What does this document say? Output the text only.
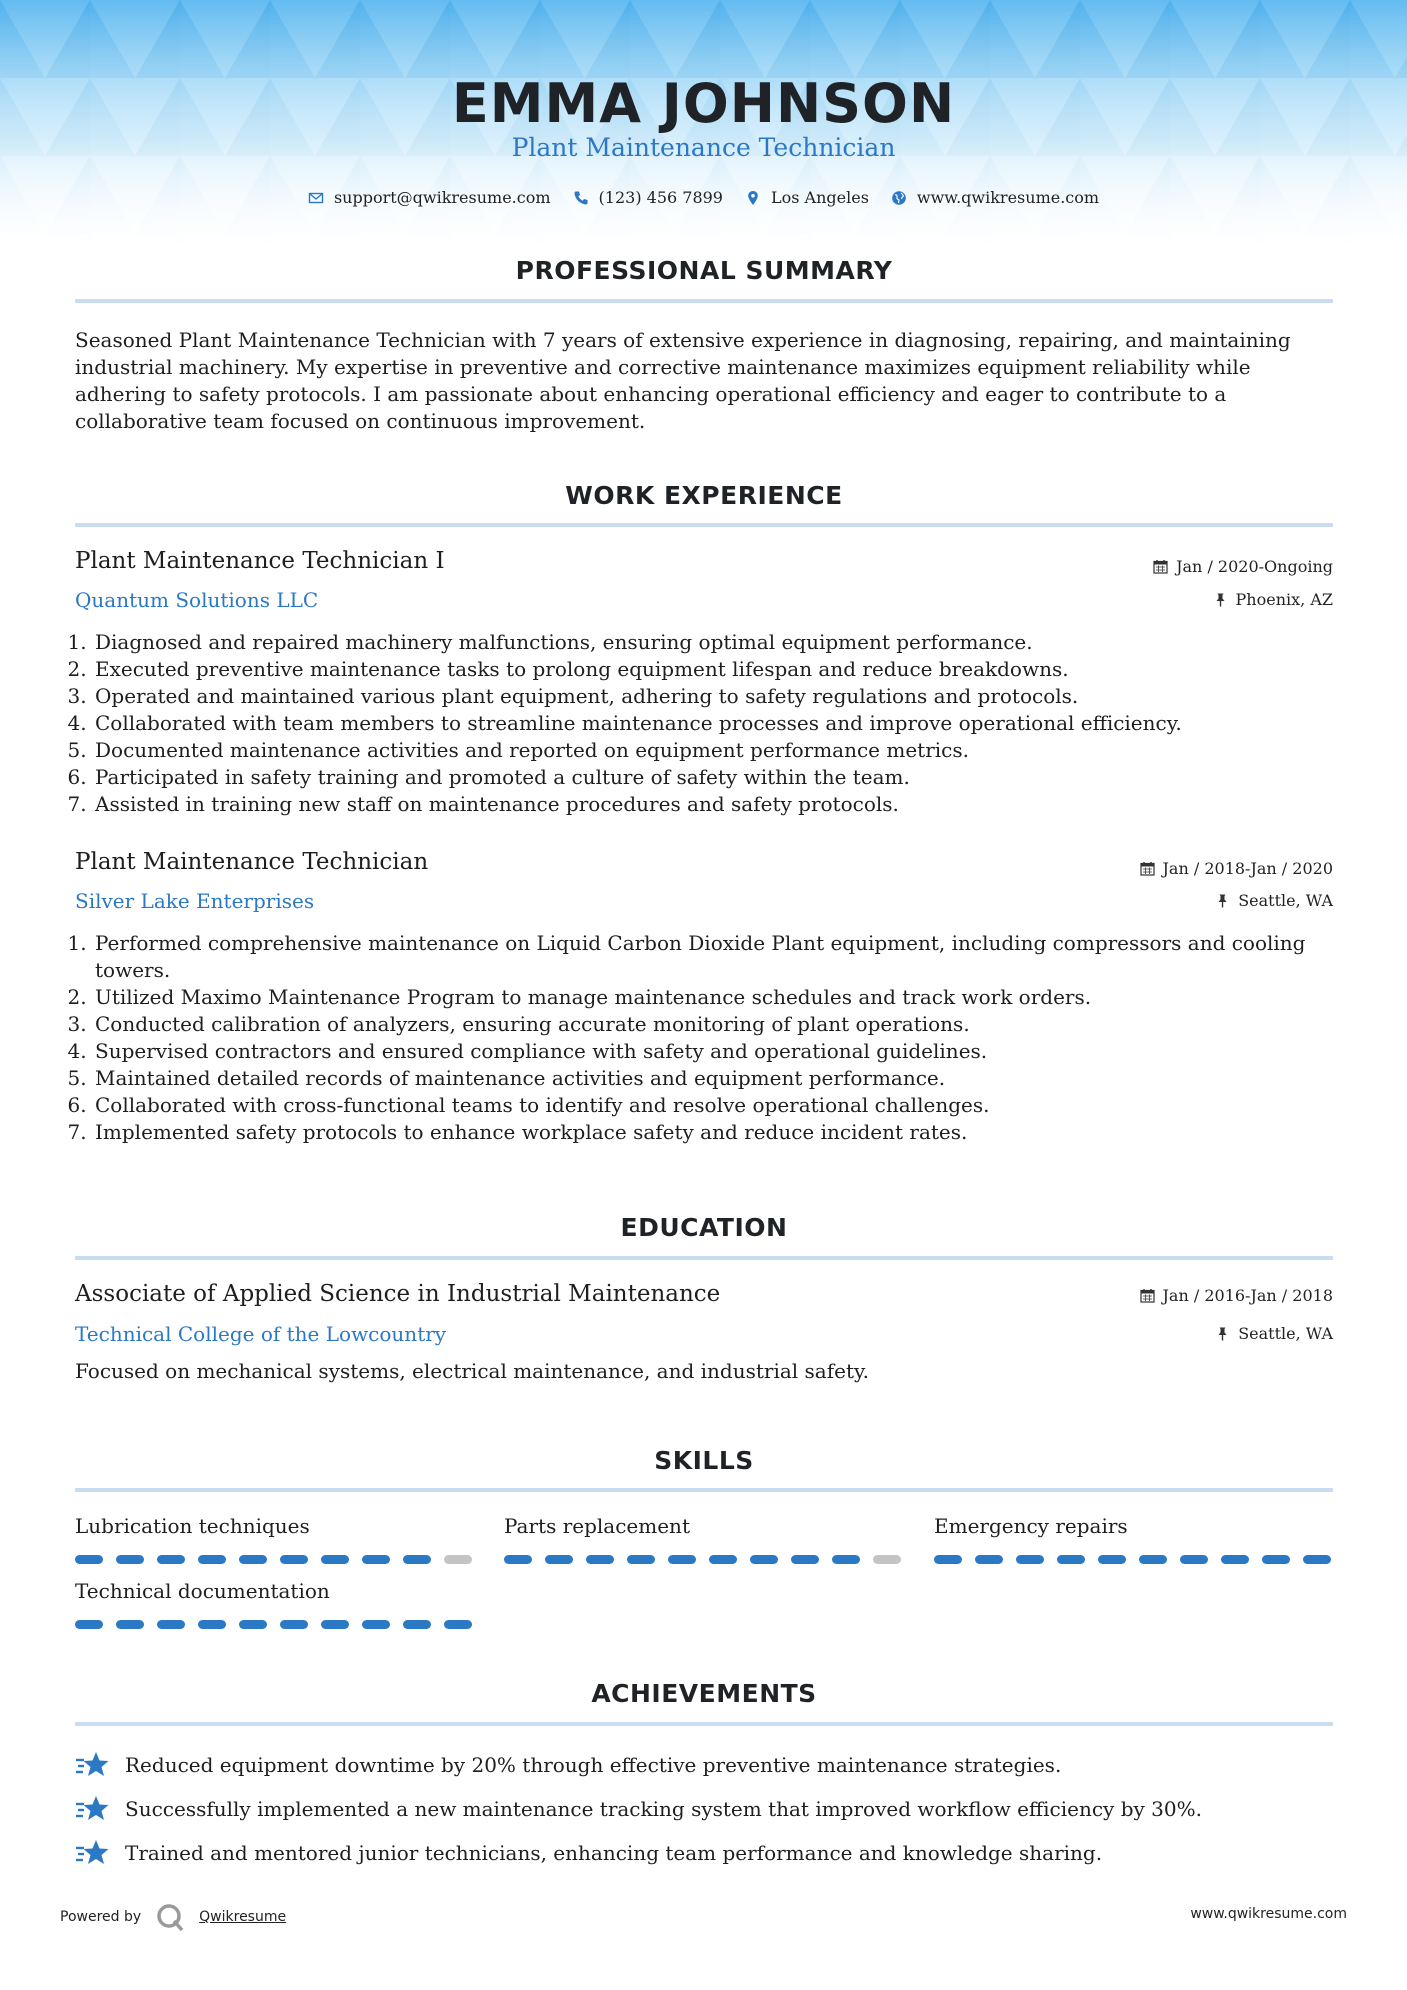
EMMA JOHNSON
Plant Maintenance Technician
support@qwikresume.com	(123) 456 7899	Los Angeles	www.qwikresume.com
PROFESSIONAL SUMMARY
Seasoned Plant Maintenance Technician with 7 years of extensive experience in diagnosing, repairing, and maintaining industrial machinery. My expertise in preventive and corrective maintenance maximizes equipment reliability while adhering to safety protocols. I am passionate about enhancing operational efficiency and eager to contribute to a collaborative team focused on continuous improvement.
WORK EXPERIENCE
Plant Maintenance Technician I
Quantum Solutions LLC
Jan / 2020-Ongoing
Phoenix, AZ
1. Diagnosed and repaired machinery malfunctions, ensuring optimal equipment performance.
2. Executed preventive maintenance tasks to prolong equipment lifespan and reduce breakdowns.
3. Operated and maintained various plant equipment, adhering to safety regulations and protocols.
4. Collaborated with team members to streamline maintenance processes and improve operational efficiency.
5. Documented maintenance activities and reported on equipment performance metrics.
6. Participated in safety training and promoted a culture of safety within the team.
7. Assisted in training new staff on maintenance procedures and safety protocols.
Plant Maintenance Technician
Silver Lake Enterprises
Jan / 2018-Jan / 2020
Seattle, WA
1. Performed comprehensive maintenance on Liquid Carbon Dioxide Plant equipment, including compressors and cooling towers.
2. Utilized Maximo Maintenance Program to manage maintenance schedules and track work orders.
3. Conducted calibration of analyzers, ensuring accurate monitoring of plant operations.
4. Supervised contractors and ensured compliance with safety and operational guidelines.
5. Maintained detailed records of maintenance activities and equipment performance.
6. Collaborated with cross-functional teams to identify and resolve operational challenges.
7. Implemented safety protocols to enhance workplace safety and reduce incident rates.
EDUCATION
Associate of Applied Science in Industrial Maintenance
Technical College of the Lowcountry
Jan / 2016-Jan / 2018
Seattle, WA
Focused on mechanical systems, electrical maintenance, and industrial safety.
SKILLS
Lubrication techniques	Parts replacement	Emergency repairs
Technical documentation
ACHIEVEMENTS
Reduced equipment downtime by 20% through effective preventive maintenance strategies.
Successfully implemented a new maintenance tracking system that improved workflow efficiency by 30%.
Trained and mentored junior technicians, enhancing team performance and knowledge sharing.
Powered by	Qwikresume	www.qwikresume.com
